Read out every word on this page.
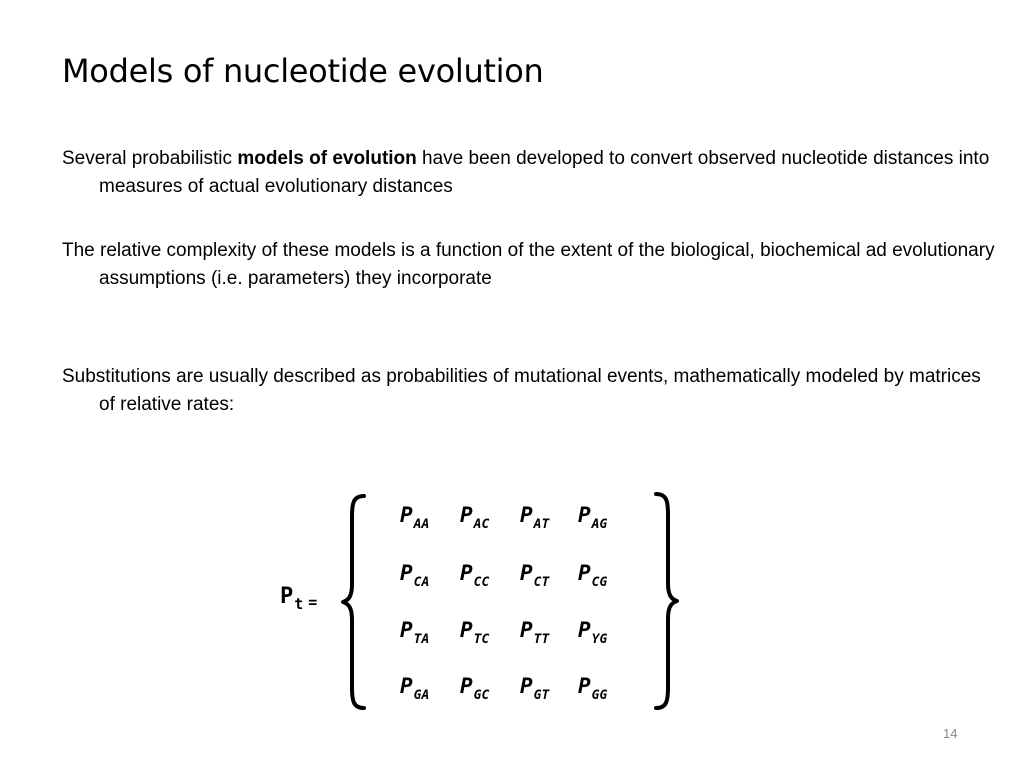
Models of nucleotide evolution

Several probabilistic models of evolution have been developed to convert observed nucleotide distances into measures of actual evolutionary distances

The relative complexity of these models is a function of the extent of the biological, biochemical ad evolutionary assumptions (i.e. parameters) they incorporate

Substitutions are usually described as probabilities of mutational events, mathematically modeled by matrices of relative rates:

$P_t$ =
$P_{AA}$ $P_{AC}$ $P_{AT}$ $P_{AG}$
$P_{CA}$ $P_{CC}$ $P_{CT}$ $P_{CG}$
$P_{TA}$ $P_{TC}$ $P_{TT}$ $P_{YG}$
$P_{GA}$ $P_{GC}$ $P_{GT}$ $P_{GG}$
14
